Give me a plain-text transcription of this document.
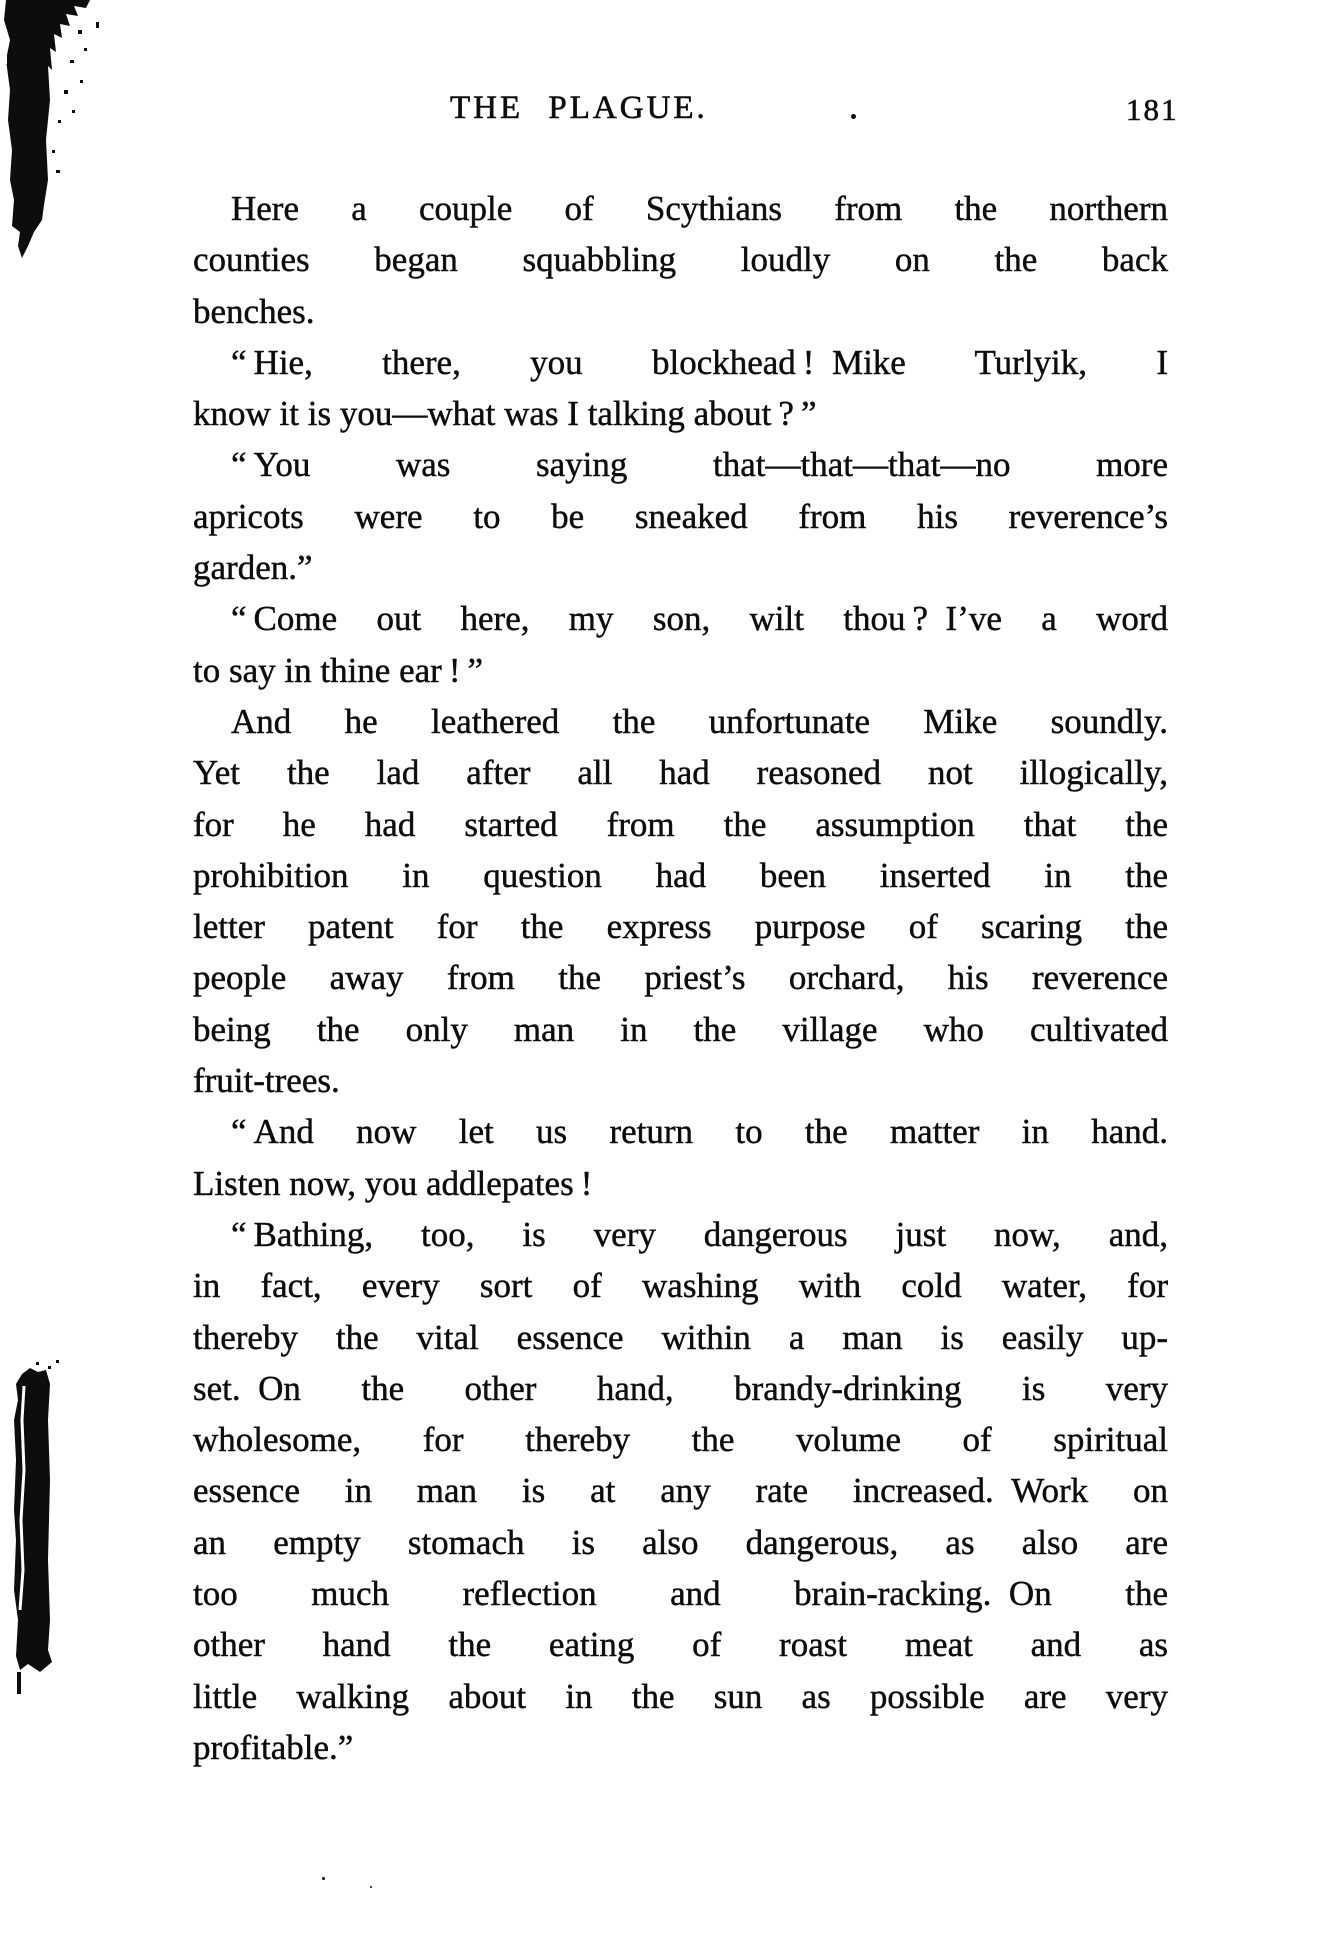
THE PLAGUE.	181
Here a couple of Scythians from the northern
counties began squabbling loudly on the back
benches.
“ Hie, there, you blockhead ! Mike Turlyik, I
know it is you—what was I talking about ? ”
“ You was saying that—that—that—no more
apricots were to be sneaked from his reverence’s
garden.”
“ Come out here, my son, wilt thou ? I’ve a word
to say in thine ear ! ”
And he leathered the unfortunate Mike soundly.
Yet the lad after all had reasoned not illogically,
for he had started from the assumption that the
prohibition in question had been inserted in the
letter patent for the express purpose of scaring the
people away from the priest’s orchard, his reverence
being the only man in the village who cultivated
fruit-trees.
“ And now let us return to the matter in hand.
Listen now, you addlepates !
“ Bathing, too, is very dangerous just now, and,
in fact, every sort of washing with cold water, for
thereby the vital essence within a man is easily up-
set. On the other hand, brandy-drinking is very
wholesome, for thereby the volume of spiritual
essence in man is at any rate increased. Work on
an empty stomach is also dangerous, as also are
too much reflection and brain-racking. On the
other hand the eating of roast meat and as
little walking about in the sun as possible are very
profitable.”
